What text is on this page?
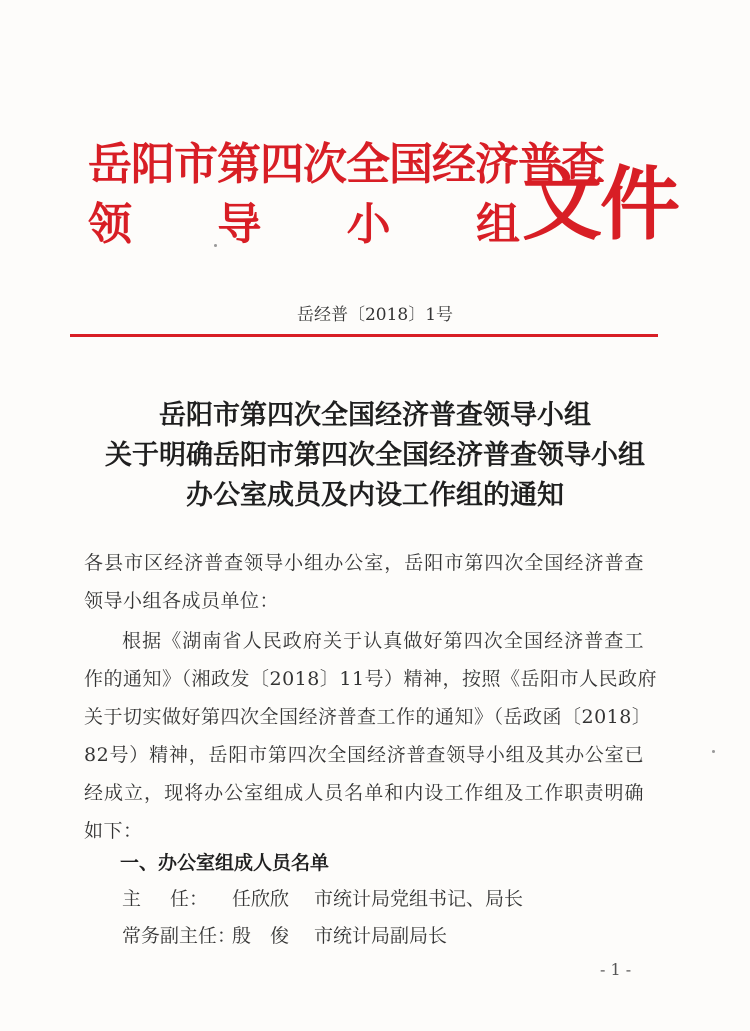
岳阳市第四次全国经济普查
领 导 小 组 文件
岳经普〔2018〕1号
岳阳市第四次全国经济普查领导小组
关于明确岳阳市第四次全国经济普查领导小组
办公室成员及内设工作组的通知
各县市区经济普查领导小组办公室，岳阳市第四次全国经济普查
领导小组各成员单位：
根据《湖南省人民政府关于认真做好第四次全国经济普查工
作的通知》（湘政发〔2018〕11号）精神，按照《岳阳市人民政府
关于切实做好第四次全国经济普查工作的通知》（岳政函〔2018〕
82号）精神，岳阳市第四次全国经济普查领导小组及其办公室已
经成立，现将办公室组成人员名单和内设工作组及工作职责明确
如下：
一、办公室组成人员名单
主 任： 任欣欣 市统计局党组书记、局长
常务副主任：殷　俊 市统计局副局长
- 1 -
